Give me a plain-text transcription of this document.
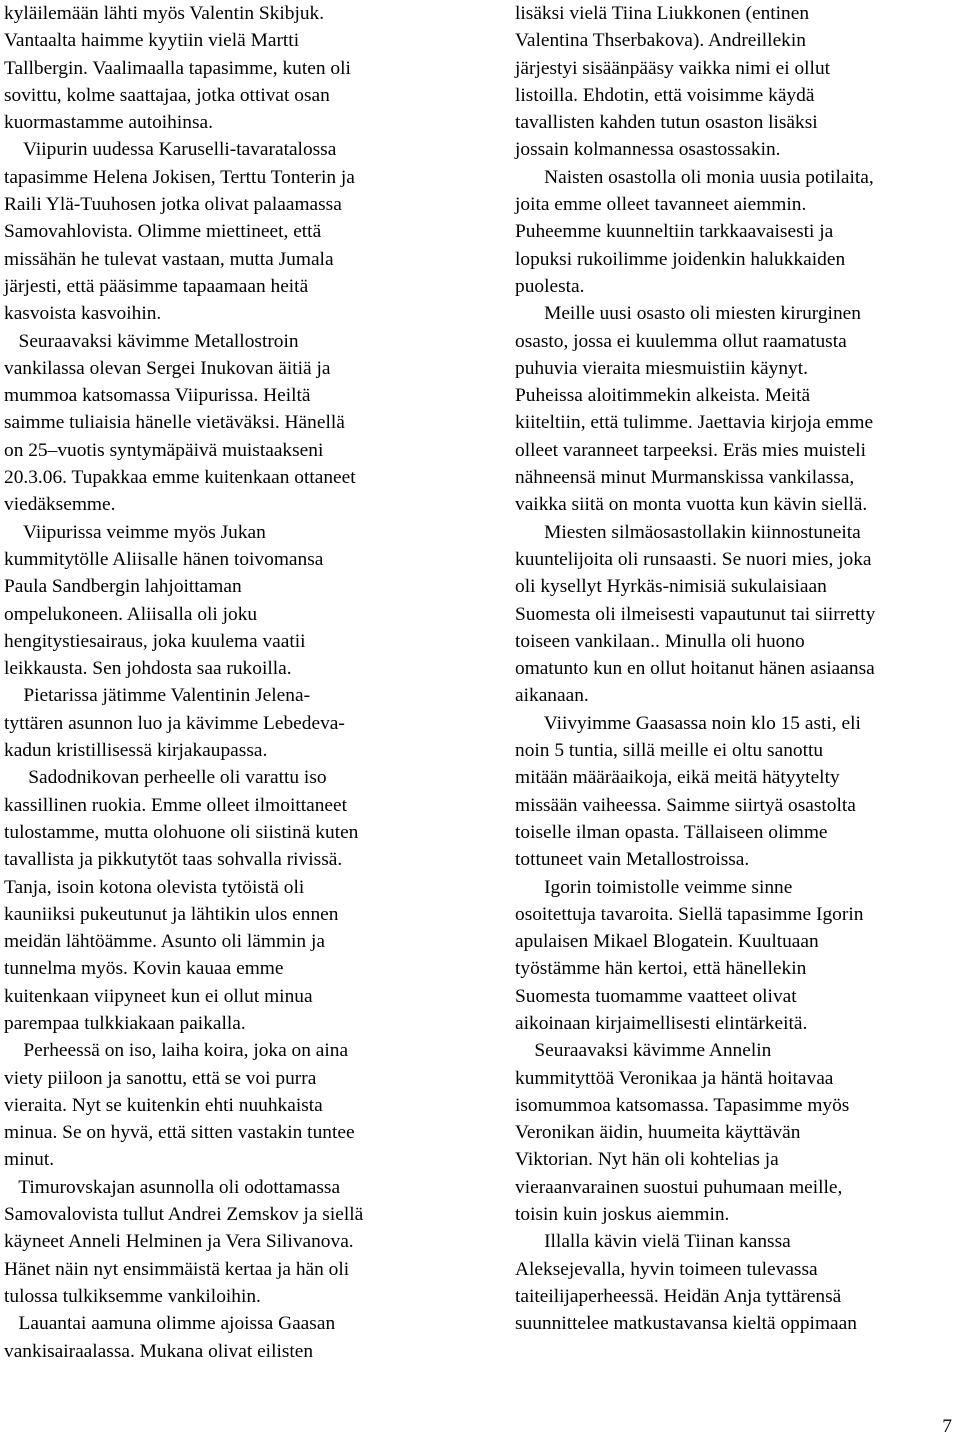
kyläilemään lähti myös Valentin Skibjuk.
Vantaalta haimme kyytiin vielä Martti
Tallbergin. Vaalimaalla tapasimme, kuten oli
sovittu, kolme saattajaa, jotka ottivat osan
kuormastamme autoihinsa.
Viipurin uudessa Karuselli-tavaratalossa
tapasimme Helena Jokisen, Terttu Tonterin ja
Raili Ylä-Tuuhosen jotka olivat palaamassa
Samovahlovista. Olimme miettineet, että
missähän he tulevat vastaan, mutta Jumala
järjesti, että pääsimme tapaamaan heitä
kasvoista kasvoihin.
Seuraavaksi kävimme Metallostroin
vankilassa olevan Sergei Inukovan äitiä ja
mummoa katsomassa Viipurissa. Heiltä
saimme tuliaisia hänelle vietäväksi. Hänellä
on 25–vuotis syntymäpäivä muistaakseni
20.3.06. Tupakkaa emme kuitenkaan ottaneet
viedäksemme.
Viipurissa veimme myös Jukan
kummitytölle Aliisalle hänen toivomansa
Paula Sandbergin lahjoittaman
ompelukoneen. Aliisalla oli joku
hengitystiesairaus, joka kuulema vaatii
leikkausta. Sen johdosta saa rukoilla.
Pietarissa jätimme Valentinin Jelena-
tyttären asunnon luo ja kävimme Lebedeva-
kadun kristillisessä kirjakaupassa.
Sadodnikovan perheelle oli varattu iso
kassillinen ruokia. Emme olleet ilmoittaneet
tulostamme, mutta olohuone oli siistinä kuten
tavallista ja pikkutytöt taas sohvalla rivissä.
Tanja, isoin kotona olevista tytöistä oli
kauniiksi pukeutunut ja lähtikin ulos ennen
meidän lähtöämme. Asunto oli lämmin ja
tunnelma myös. Kovin kauaa emme
kuitenkaan viipyneet kun ei ollut minua
parempaa tulkkiakaan paikalla.
Perheessä on iso, laiha koira, joka on aina
viety piiloon ja sanottu, että se voi purra
vieraita. Nyt se kuitenkin ehti nuuhkaista
minua. Se on hyvä, että sitten vastakin tuntee
minut.
Timurovskajan asunnolla oli odottamassa
Samovalovista tullut Andrei Zemskov ja siellä
käyneet Anneli Helminen ja Vera Silivanova.
Hänet näin nyt ensimmäistä kertaa ja hän oli
tulossa tulkiksemme vankiloihin.
Lauantai aamuna olimme ajoissa Gaasan
vankisairaalassa. Mukana olivat eilisten
lisäksi vielä Tiina Liukkonen (entinen
Valentina Thserbakova). Andreillekin
järjestyi sisäänpääsy vaikka nimi ei ollut
listoilla. Ehdotin, että voisimme käydä
tavallisten kahden tutun osaston lisäksi
jossain kolmannessa osastossakin.
Naisten osastolla oli monia uusia potilaita,
joita emme olleet tavanneet aiemmin.
Puheemme kuunneltiin tarkkaavaisesti ja
lopuksi rukoilimme joidenkin halukkaiden
puolesta.
Meille uusi osasto oli miesten kirurginen
osasto, jossa ei kuulemma ollut raamatusta
puhuvia vieraita miesmuistiin käynyt.
Puheissa aloitimmekin alkeista. Meitä
kiiteltiin, että tulimme. Jaettavia kirjoja emme
olleet varanneet tarpeeksi. Eräs mies muisteli
nähneensä minut Murmanskissa vankilassa,
vaikka siitä on monta vuotta kun kävin siellä.
Miesten silmäosastollakin kiinnostuneita
kuuntelijoita oli runsaasti. Se nuori mies, joka
oli kysellyt Hyrkäs-nimisiä sukulaisiaan
Suomesta oli ilmeisesti vapautunut tai siirretty
toiseen vankilaan.. Minulla oli huono
omatunto kun en ollut hoitanut hänen asiaansa
aikanaan.
Viivyimme Gaasassa noin klo 15 asti, eli
noin 5 tuntia, sillä meille ei oltu sanottu
mitään määräaikoja, eikä meitä hätyytelty
missään vaiheessa. Saimme siirtyä osastolta
toiselle ilman opasta. Tällaiseen olimme
tottuneet vain Metallostroissa.
Igorin toimistolle veimme sinne
osoitettuja tavaroita. Siellä tapasimme Igorin
apulaisen Mikael Blogatein. Kuultuaan
työstämme hän kertoi, että hänellekin
Suomesta tuomamme vaatteet olivat
aikoinaan kirjaimellisesti elintärkeitä.
Seuraavaksi kävimme Annelin
kummityttöä Veronikaa ja häntä hoitavaa
isomummoa katsomassa. Tapasimme myös
Veronikan äidin, huumeita käyttävän
Viktorian. Nyt hän oli kohtelias ja
vieraanvarainen suostui puhumaan meille,
toisin kuin joskus aiemmin.
Illalla kävin vielä Tiinan kanssa
Aleksejevalla, hyvin toimeen tulevassa
taiteilijaperheessä. Heidän Anja tyttärensä
suunnittelee matkustavansa kieltä oppimaan
7
